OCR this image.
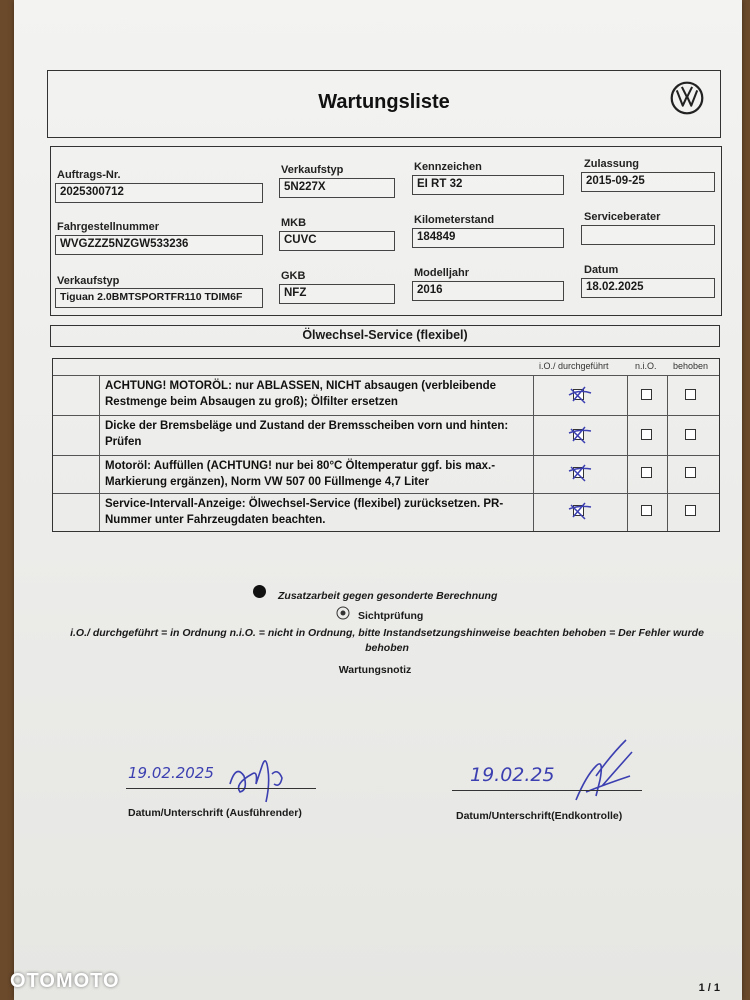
Wartungsliste
Auftrags-Nr.
2025300712
Verkaufstyp
5N227X
Kennzeichen
EI RT 32
Zulassung
2015-09-25
Fahrgestellnummer
WVGZZZ5NZGW533236
MKB
CUVC
Kilometerstand
184849
Serviceberater
Verkaufstyp
Tiguan 2.0BMTSPORTFR110 TDIM6F
GKB
NFZ
Modelljahr
2016
Datum
18.02.2025
Ölwechsel-Service (flexibel)
i.O./ durchgeführt	n.i.O. behoben
ACHTUNG! MOTORÖL: nur ABLASSEN, NICHT absaugen (verbleibende Restmenge beim Absaugen zu groß); Ölfilter ersetzen
Dicke der Bremsbeläge und Zustand der Bremsscheiben vorn und hinten: Prüfen
Motoröl: Auffüllen (ACHTUNG! nur bei 80°C Öltemperatur ggf. bis max.-Markierung ergänzen), Norm VW 507 00 Füllmenge 4,7 Liter
Service-Intervall-Anzeige: Ölwechsel-Service (flexibel) zurücksetzen. PR-Nummer unter Fahrzeugdaten beachten.
Zusatzarbeit gegen gesonderte Berechnung
Sichtprüfung
i.O./ durchgeführt = in Ordnung n.i.O. = nicht in Ordnung, bitte Instandsetzungshinweise beachten behoben = Der Fehler wurde behoben
Wartungsnotiz
19.02.2025
Datum/Unterschrift (Ausführender)
19.02.25
Datum/Unterschrift(Endkontrolle)
1 / 1
OTOMOTO
